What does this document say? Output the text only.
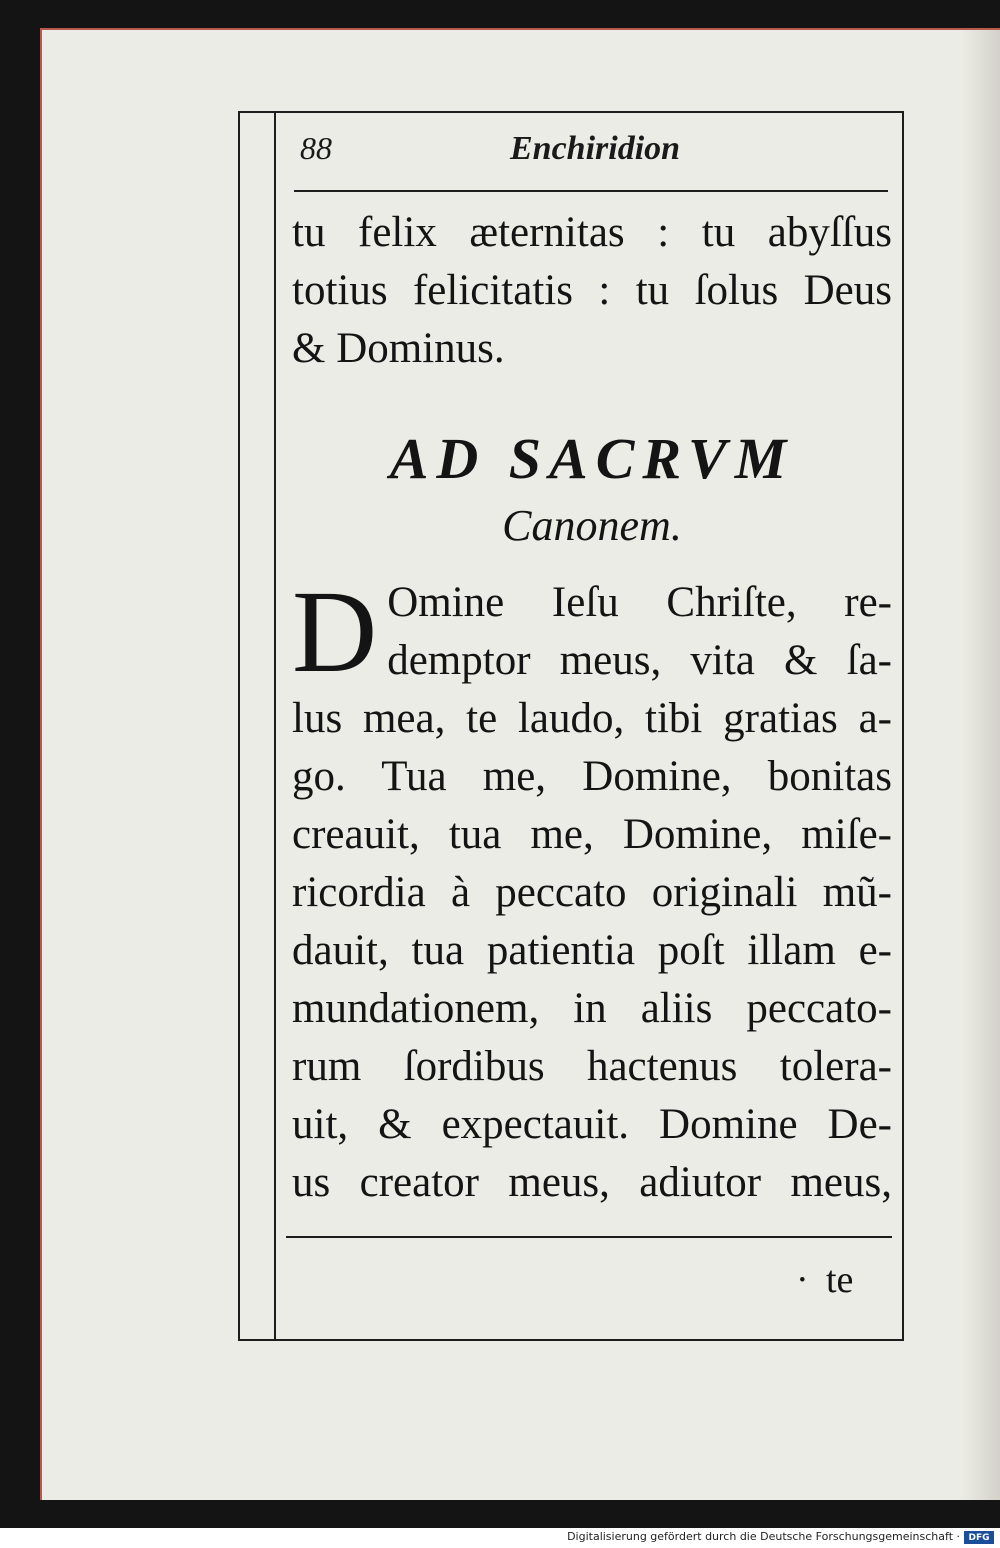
88	Enchiridion
tu felix æternitas : tu abyſſus
totius felicitatis : tu ſolus Deus
& Dominus.
AD SACRVM
Canonem.
D Omine Ieſu Chriſte, re-
demptor meus, vita & ſa-
lus mea, te laudo, tibi gratias a-
go. Tua me, Domine, bonitas
creauit, tua me, Domine, miſe-
ricordia à peccato originali mũ-
dauit, tua patientia poſt illam e-
mundationem, in aliis peccato-
rum ſordibus hactenus tolera-
uit, & expectauit. Domine De-
us creator meus, adiutor meus,
· te
Digitalisierung gefördert durch die Deutsche Forschungsgemeinschaft · DFG
